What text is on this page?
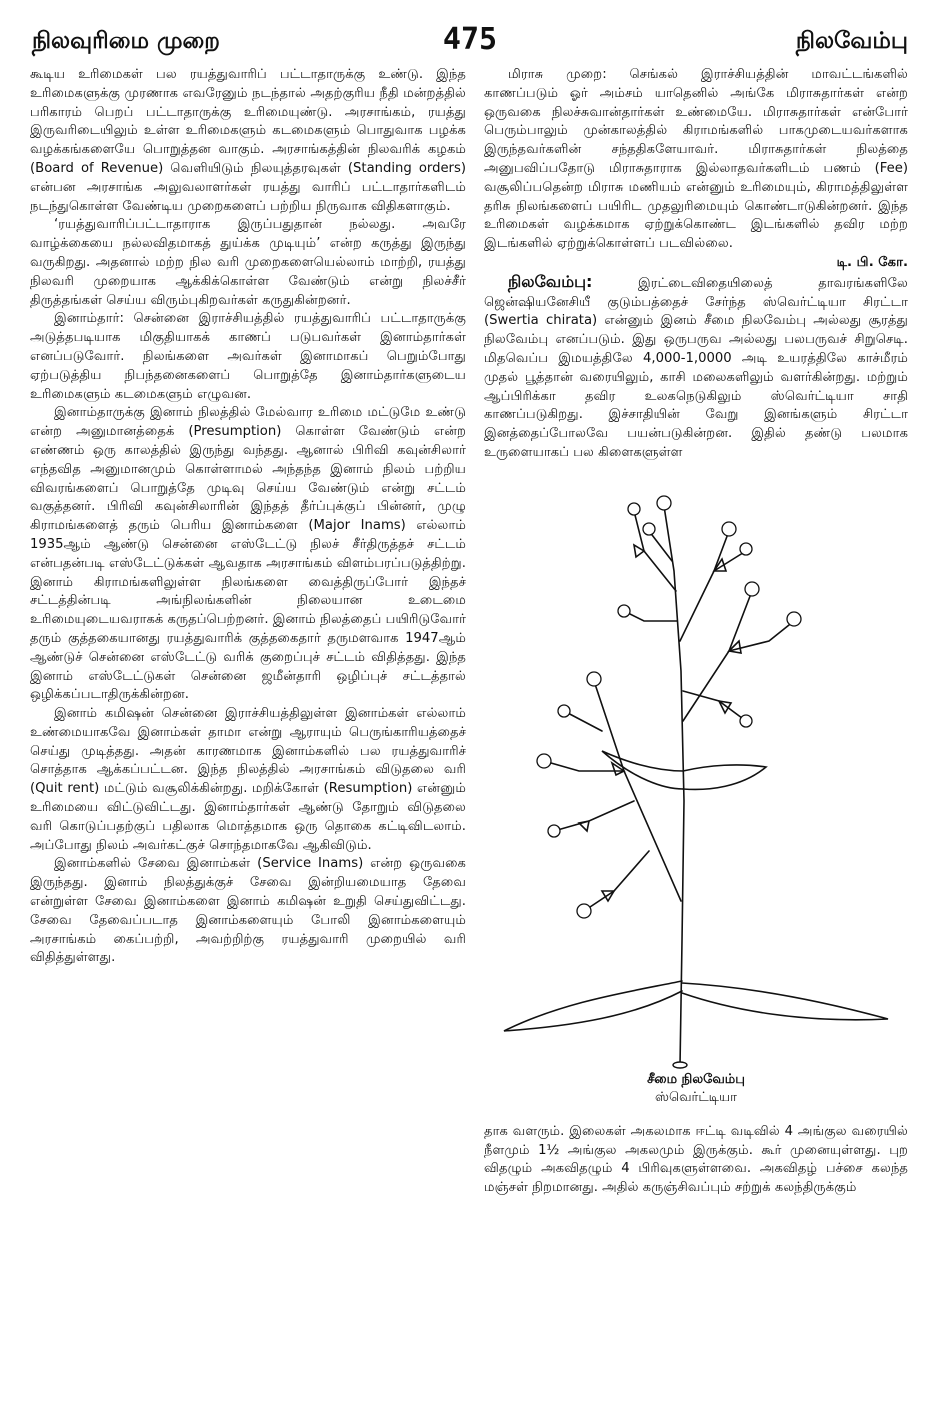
நிலவுரிமை முறை	475	நிலவேம்பு

கூடிய உரிமைகள் பல ரயத்துவாரிப் பட்டாதாருக்கு உண்டு. இந்த உரிமைகளுக்கு முரணாக எவரேனும் நடந்தால் அதற்குரிய நீதி மன்றத்தில் பரிகாரம் பெறப் பட்டாதாருக்கு உரிமையுண்டு. அரசாங்கம், ரயத்து இருவரிடையிலும் உள்ள உரிமைகளும் கடமைகளும் பொதுவாக பழக்க வழக்கங்களையே பொறுத்தன வாகும். அரசாங்கத்தின் நிலவரிக் கழகம் (Board of Revenue) வெளியிடும் நிலயுத்தரவுகள் (Standing orders) என்பன அரசாங்க அலுவலாளர்கள் ரயத்து வாரிப் பட்டாதார்களிடம் நடந்துகொள்ள வேண்டிய முறைகளைப் பற்றிய நிருவாக விதிகளாகும்.

‘ரயத்துவாரிப்பட்டாதாராக இருப்பதுதான் நல்லது. அவரே வாழ்க்கையை நல்லவிதமாகத் துய்க்க முடியும்’ என்ற கருத்து இருந்து வருகிறது. அதனால் மற்ற நில வரி முறைகளையெல்லாம் மாற்றி, ரயத்து நிலவரி முறையாக ஆக்கிக்கொள்ள வேண்டும் என்று நிலச்சீர் திருத்தங்கள் செய்ய விரும்புகிறவர்கள் கருதுகின்றனர்.

இனாம்தார்: சென்னை இராச்சியத்தில் ரயத்துவாரிப் பட்டாதாருக்கு அடுத்தபடியாக மிகுதியாகக் காணப் படுபவர்கள் இனாம்தார்கள் எனப்படுவோர். நிலங்களை அவர்கள் இனாமாகப் பெறும்போது ஏற்படுத்திய நிபந்தனைகளைப் பொறுத்தே இனாம்தார்களுடைய உரிமைகளும் கடமைகளும் எழுவன.

இனாம்தாருக்கு இனாம் நிலத்தில் மேல்வார உரிமை மட்டுமே உண்டு என்ற அனுமானத்தைக் (Presumption) கொள்ள வேண்டும் என்ற எண்ணம் ஒரு காலத்தில் இருந்து வந்தது. ஆனால் பிரிவி கவுன்சிலார் எந்தவித அனுமானமும் கொள்ளாமல் அந்தந்த இனாம் நிலம் பற்றிய விவரங்களைப் பொறுத்தே முடிவு செய்ய வேண்டும் என்று சட்டம் வகுத்தனர். பிரிவி கவுன்சிலாரின் இந்தத் தீர்ப்புக்குப் பின்னர், முழு கிராமங்களைத் தரும் பெரிய இனாம்களை (Major Inams) எல்லாம் 1935ஆம் ஆண்டு சென்னை எஸ்டேட்டு நிலச் சீர்திருத்தச் சட்டம் என்பதன்படி எஸ்டேட்டுக்கள் ஆவதாக அரசாங்கம் விளம்பரப்படுத்திற்று. இனாம் கிராமங்களிலுள்ள நிலங்களை வைத்திருப்போர் இந்தச் சட்டத்தின்படி அங்நிலங்களின் நிலையான உடைமை உரிமையுடையவராகக் கருதப்பெற்றனர். இனாம் நிலத்தைப் பயிரிடுவோர் தரும் குத்தகையானது ரயத்துவாரிக் குத்தகைதார் தருமளவாக 1947ஆம் ஆண்டுச் சென்னை எஸ்டேட்டு வரிக் குறைப்புச் சட்டம் விதித்தது. இந்த இனாம் எஸ்டேட்டுகள் சென்னை ஜமீன்தாரி ஒழிப்புச் சட்டத்தால் ஒழிக்கப்படாதிருக்கின்றன.

இனாம் கமிஷன் சென்னை இராச்சியத்திலுள்ள இனாம்கள் எல்லாம் உண்மையாகவே இனாம்கள் தாமா என்று ஆராயும் பெருங்காரியத்தைச் செய்து முடித்தது. அதன் காரணமாக இனாம்களில் பல ரயத்துவாரிச் சொத்தாக ஆக்கப்பட்டன. இந்த நிலத்தில் அரசாங்கம் விடுதலை வரி (Quit rent) மட்டும் வசூலிக்கின்றது. மறிக்கோள் (Resumption) என்னும் உரிமையை விட்டுவிட்டது. இனாம்தார்கள் ஆண்டு தோறும் விடுதலை வரி கொடுப்பதற்குப் பதிலாக மொத்தமாக ஒரு தொகை கட்டிவிடலாம். அப்போது நிலம் அவர்கட்குச் சொந்தமாகவே ஆகிவிடும்.

இனாம்களில் சேவை இனாம்கள் (Service Inams) என்ற ஒருவகை இருந்தது. இனாம் நிலத்துக்குச் சேவை இன்றியமையாத தேவை என்றுள்ள சேவை இனாம்களை இனாம் கமிஷன் உறுதி செய்துவிட்டது. சேவை தேவைப்படாத இனாம்களையும் போலி இனாம்களையும் அரசாங்கம் கைப்பற்றி, அவற்றிற்கு ரயத்துவாரி முறையில் வரி விதித்துள்ளது.

மிராசு முறை: செங்கல் இராச்சியத்தின் மாவட்டங்களில் காணப்படும் ஓர் அம்சம் யாதெனில் அங்கே மிராசுதார்கள் என்ற ஒருவகை நிலச்சுவான்தார்கள் உண்மையே. மிராசுதார்கள் என்போர் பெரும்பாலும் முன்காலத்தில் கிராமங்களில் பாகமுடையவர்களாக இருந்தவர்களின் சந்ததிகளேயாவர். மிராசுதார்கள் நிலத்தை அனுபவிப்பதோடு மிராசுதாராக இல்லாதவர்களிடம் பணம் (Fee) வசூலிப்பதென்ற மிராசு மணியம் என்னும் உரிமையும், கிராமத்திலுள்ள தரிசு நிலங்களைப் பயிரிட முதலுரிமையும் கொண்டாடுகின்றனர். இந்த உரிமைகள் வழக்கமாக ஏற்றுக்கொண்ட இடங்களில் தவிர மற்ற இடங்களில் ஏற்றுக்கொள்ளப் படவில்லை.

டி. பி. கோ.

நிலவேம்பு:	இரட்டைவிதையிலைத் தாவரங்களிலே ஜென்ஷியனேசியீ குடும்பத்தைச் சேர்ந்த ஸ்வெர்ட்டியா சிரட்டா (Swertia chirata) என்னும் இனம் சீமை நிலவேம்பு அல்லது சூரத்து நிலவேம்பு எனப்படும். இது ஒருபருவ அல்லது பலபருவச் சிறுசெடி. மிதவெப்ப இமயத்திலே 4,000-1,0000 அடி உயரத்திலே காச்மீரம் முதல் பூத்தான் வரையிலும், காசி மலைகளிலும் வளர்கின்றது. மற்றும் ஆப்பிரிக்கா தவிர உலகநெடுகிலும் ஸ்வெர்ட்டியா சாதி காணப்படுகிறது. இச்சாதியின் வேறு இனங்களும் சிரட்டா இனத்தைப்போலவே பயன்படுகின்றன. இதில் தண்டு பலமாக உருளையாகப் பல கிளைகளுள்ள

சீமை நிலவேம்பு

ஸ்வெர்ட்டியா

தாக வளரும். இலைகள் அகலமாக ஈட்டி வடிவில் 4 அங்குல வரையில் நீளமும் 1½ அங்குல அகலமும் இருக்கும். கூர் முனையுள்ளது. புற விதழும் அகவிதழும் 4 பிரிவுகளுள்ளவை. அகவிதழ் பச்சை கலந்த மஞ்சள் நிறமானது. அதில் கருஞ்சிவப்பும் சற்றுக் கலந்திருக்கும்
